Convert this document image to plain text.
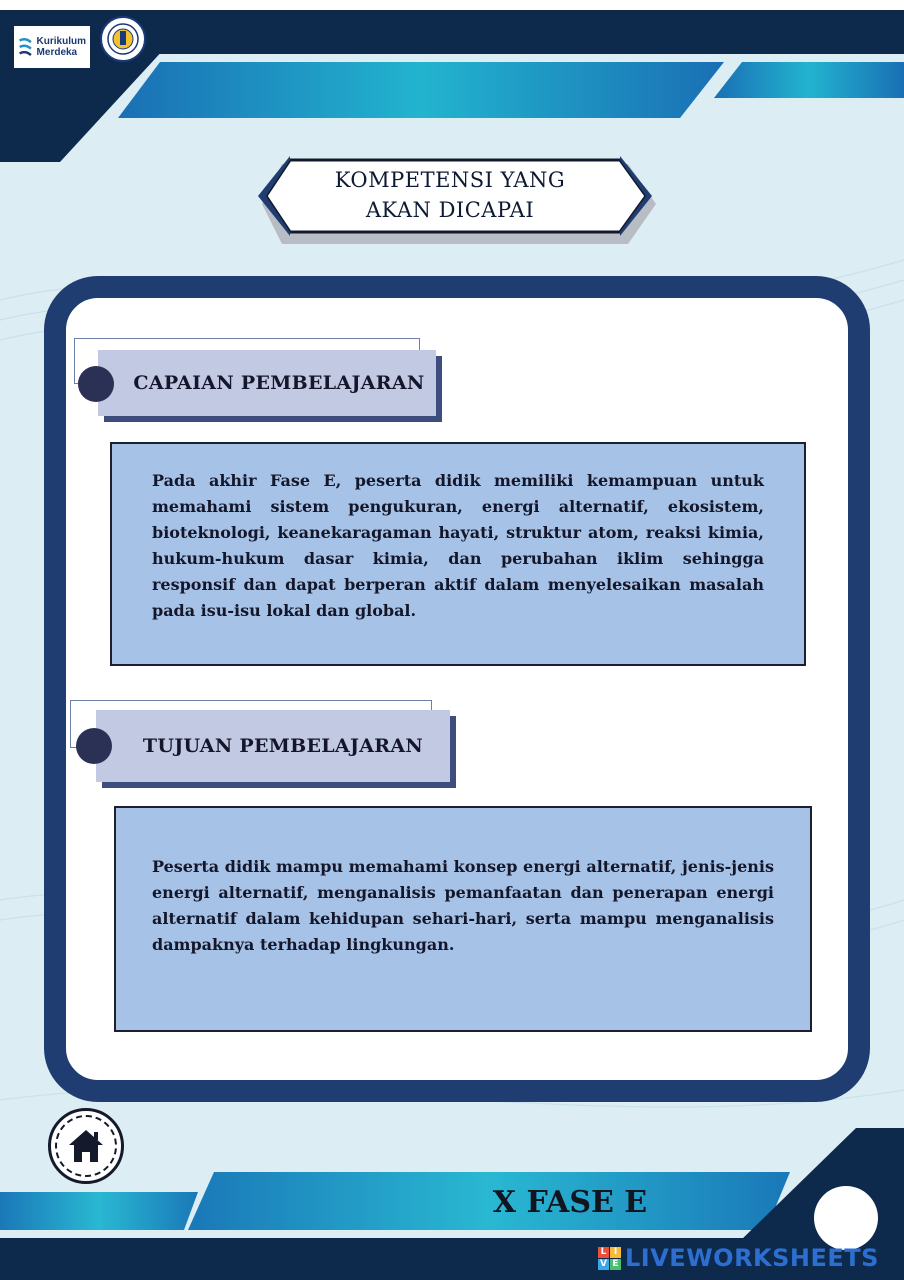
Kurikulum
Merdeka
KOMPETENSI YANG
AKAN DICAPAI
CAPAIAN PEMBELAJARAN
Pada akhir Fase E, peserta didik memiliki kemampuan untuk memahami sistem pengukuran, energi alternatif, ekosistem, bioteknologi, keanekaragaman hayati, struktur atom, reaksi kimia, hukum-hukum dasar kimia, dan perubahan iklim sehingga responsif dan dapat berperan aktif dalam menyelesaikan masalah pada isu-isu lokal dan global.
TUJUAN PEMBELAJARAN
Peserta didik mampu memahami konsep energi alternatif, jenis-jenis energi alternatif, menganalisis pemanfaatan dan penerapan energi alternatif dalam kehidupan sehari-hari, serta mampu menganalisis dampaknya terhadap lingkungan.
X FASE E
L I
V E LIVEWORKSHEETS
